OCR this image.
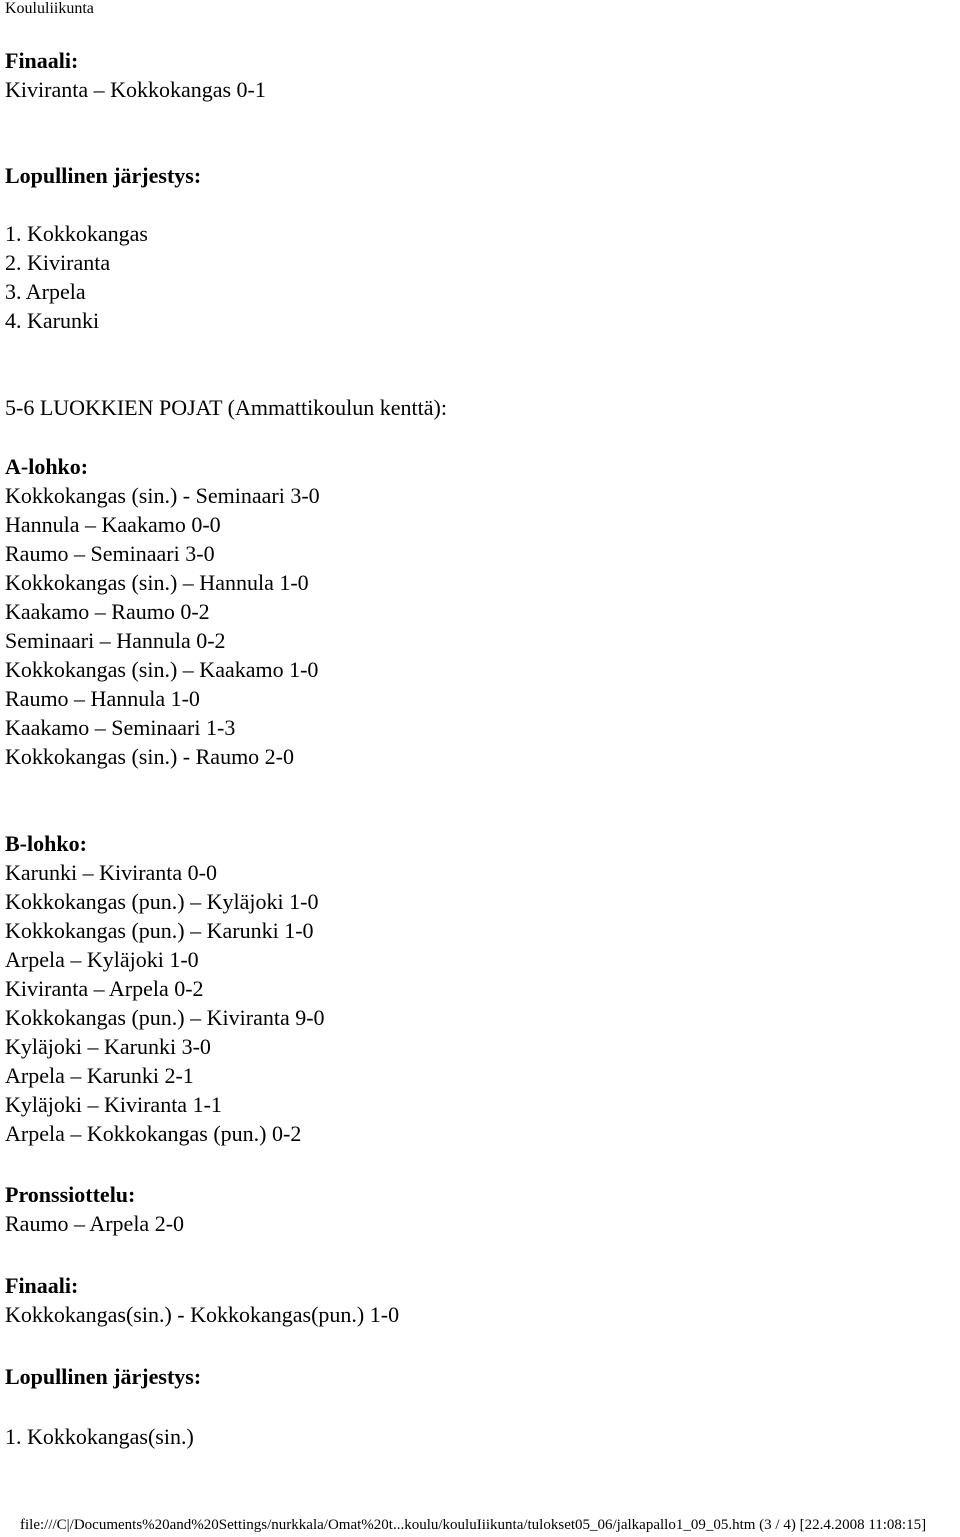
Koululiikunta

Finaali:

Kiviranta – Kokkokangas 0-1

Lopullinen järjestys:

1. Kokkokangas

2. Kiviranta

3. Arpela

4. Karunki

5-6 LUOKKIEN POJAT (Ammattikoulun kenttä):

A-lohko:

Kokkokangas (sin.) - Seminaari 3-0

Hannula – Kaakamo 0-0

Raumo – Seminaari 3-0

Kokkokangas (sin.) – Hannula 1-0

Kaakamo – Raumo 0-2

Seminaari – Hannula 0-2

Kokkokangas (sin.) – Kaakamo 1-0

Raumo – Hannula 1-0

Kaakamo – Seminaari 1-3

Kokkokangas (sin.) - Raumo 2-0

B-lohko:

Karunki – Kiviranta 0-0

Kokkokangas (pun.) – Kyläjoki 1-0

Kokkokangas (pun.) – Karunki 1-0

Arpela – Kyläjoki 1-0

Kiviranta – Arpela 0-2

Kokkokangas (pun.) – Kiviranta 9-0

Kyläjoki – Karunki 3-0

Arpela – Karunki 2-1

Kyläjoki – Kiviranta 1-1

Arpela – Kokkokangas (pun.) 0-2

Pronssiottelu:

Raumo – Arpela 2-0

Finaali:

Kokkokangas(sin.) - Kokkokangas(pun.) 1-0

Lopullinen järjestys:

1. Kokkokangas(sin.)

file:///C|/Documents%20and%20Settings/nurkkala/Omat%20t...koulu/kouluIiikunta/tulokset05_06/jalkapallo1_09_05.htm (3 / 4) [22.4.2008 11:08:15]
